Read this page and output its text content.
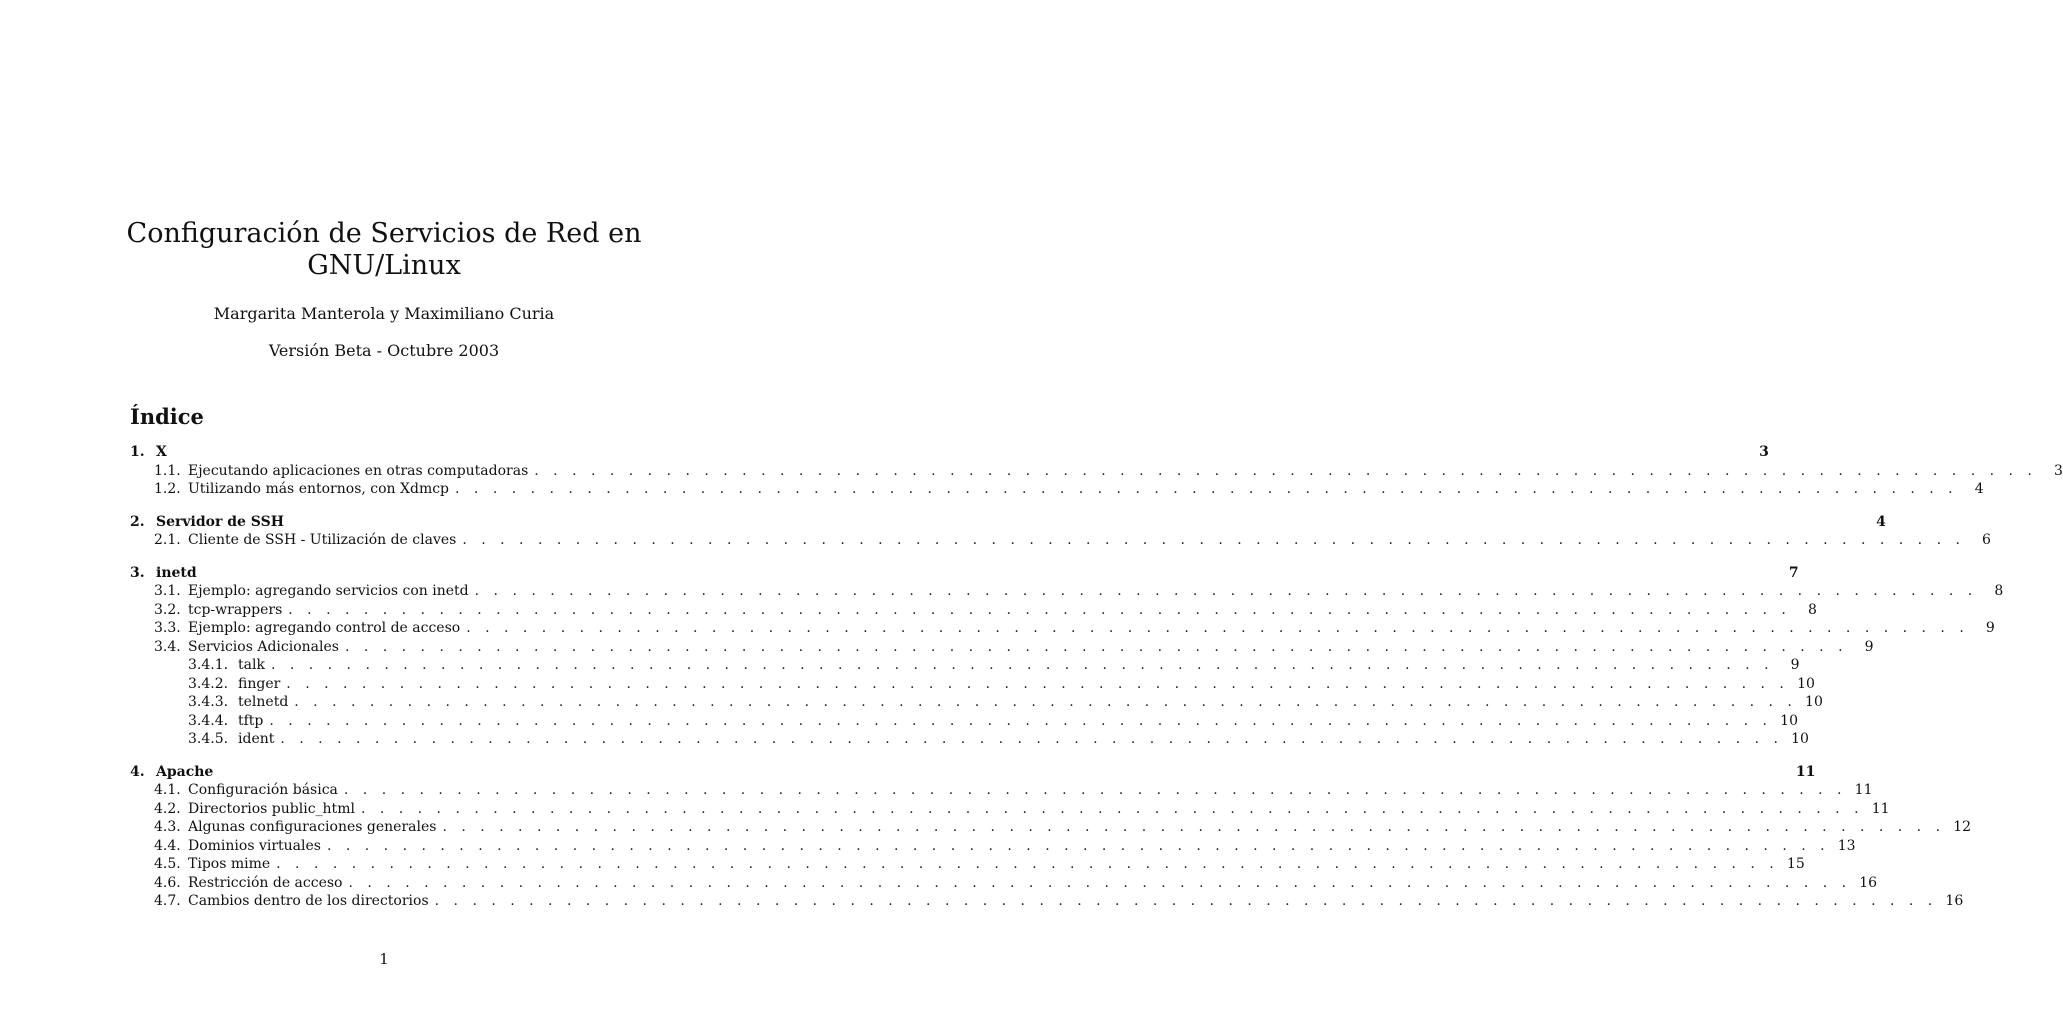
Configuración de Servicios de Red en
GNU/Linux
Margarita Manterola y Maximiliano Curia
Versión Beta - Octubre 2003
Índice
1. X	3
1.1. Ejecutando aplicaciones en otras computadoras . . . . . . . . . . . . . . . . . . . . . . . . . . . . . . . . . . . . . . . . . . . . . . . . . . . . . . . . . . . . . . . . . . . . . . . . . . . . . . . .	3
1.2. Utilizando más entornos, con Xdmcp . . . . . . . . . . . . . . . . . . . . . . . . . . . . . . . . . . . . . . . . . . . . . . . . . . . . . . . . . . . . . . . . . . . . . . . . . . . . . . . .	4
2. Servidor de SSH	4
2.1. Cliente de SSH - Utilización de claves . . . . . . . . . . . . . . . . . . . . . . . . . . . . . . . . . . . . . . . . . . . . . . . . . . . . . . . . . . . . . . . . . . . . . . . . . . . . . . . .	6
3. inetd	7
3.1. Ejemplo: agregando servicios con inetd . . . . . . . . . . . . . . . . . . . . . . . . . . . . . . . . . . . . . . . . . . . . . . . . . . . . . . . . . . . . . . . . . . . . . . . . . . . . . . . .	8
3.2. tcp-wrappers . . . . . . . . . . . . . . . . . . . . . . . . . . . . . . . . . . . . . . . . . . . . . . . . . . . . . . . . . . . . . . . . . . . . . . . . . . . . . . . .	8
3.3. Ejemplo: agregando control de acceso . . . . . . . . . . . . . . . . . . . . . . . . . . . . . . . . . . . . . . . . . . . . . . . . . . . . . . . . . . . . . . . . . . . . . . . . . . . . . . . .	9
3.4. Servicios Adicionales . . . . . . . . . . . . . . . . . . . . . . . . . . . . . . . . . . . . . . . . . . . . . . . . . . . . . . . . . . . . . . . . . . . . . . . . . . . . . . . .	9
3.4.1. talk . . . . . . . . . . . . . . . . . . . . . . . . . . . . . . . . . . . . . . . . . . . . . . . . . . . . . . . . . . . . . . . . . . . . . . . . . . . . . . . .	9
3.4.2. finger . . . . . . . . . . . . . . . . . . . . . . . . . . . . . . . . . . . . . . . . . . . . . . . . . . . . . . . . . . . . . . . . . . . . . . . . . . . . . . . . 10
3.4.3. telnetd . . . . . . . . . . . . . . . . . . . . . . . . . . . . . . . . . . . . . . . . . . . . . . . . . . . . . . . . . . . . . . . . . . . . . . . . . . . . . . . . 10
3.4.4. tftp . . . . . . . . . . . . . . . . . . . . . . . . . . . . . . . . . . . . . . . . . . . . . . . . . . . . . . . . . . . . . . . . . . . . . . . . . . . . . . . . 10
3.4.5. ident . . . . . . . . . . . . . . . . . . . . . . . . . . . . . . . . . . . . . . . . . . . . . . . . . . . . . . . . . . . . . . . . . . . . . . . . . . . . . . . . 10
4. Apache	11
4.1. Configuración básica . . . . . . . . . . . . . . . . . . . . . . . . . . . . . . . . . . . . . . . . . . . . . . . . . . . . . . . . . . . . . . . . . . . . . . . . . . . . . . . . 11
4.2. Directorios public_html . . . . . . . . . . . . . . . . . . . . . . . . . . . . . . . . . . . . . . . . . . . . . . . . . . . . . . . . . . . . . . . . . . . . . . . . . . . . . . . . 11
4.3. Algunas configuraciones generales . . . . . . . . . . . . . . . . . . . . . . . . . . . . . . . . . . . . . . . . . . . . . . . . . . . . . . . . . . . . . . . . . . . . . . . . . . . . . . . . 12
4.4. Dominios virtuales . . . . . . . . . . . . . . . . . . . . . . . . . . . . . . . . . . . . . . . . . . . . . . . . . . . . . . . . . . . . . . . . . . . . . . . . . . . . . . . . 13
4.5. Tipos mime . . . . . . . . . . . . . . . . . . . . . . . . . . . . . . . . . . . . . . . . . . . . . . . . . . . . . . . . . . . . . . . . . . . . . . . . . . . . . . . . 15
4.6. Restricción de acceso . . . . . . . . . . . . . . . . . . . . . . . . . . . . . . . . . . . . . . . . . . . . . . . . . . . . . . . . . . . . . . . . . . . . . . . . . . . . . . . . 16
4.7. Cambios dentro de los directorios . . . . . . . . . . . . . . . . . . . . . . . . . . . . . . . . . . . . . . . . . . . . . . . . . . . . . . . . . . . . . . . . . . . . . . . . . . . . . . . . 16
1
